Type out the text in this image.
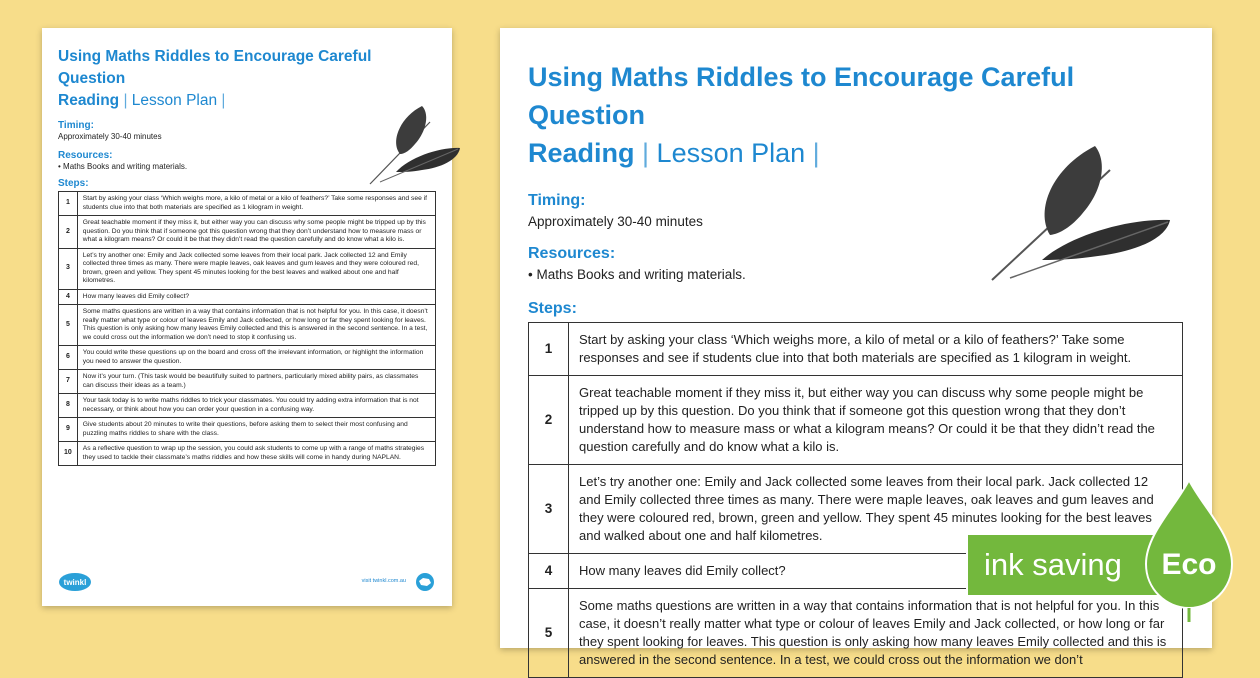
Using Maths Riddles to Encourage Careful Question
Reading | Lesson Plan |
Timing:
Approximately 30-40 minutes
Resources:
• Maths Books and writing materials.
Steps:
1	Start by asking your class ‘Which weighs more, a kilo of metal or a kilo of feathers?’ Take some responses and see if students clue into that both materials are specified as 1 kilogram in weight.
2	Great teachable moment if they miss it, but either way you can discuss why some people might be tripped up by this question. Do you think that if someone got this question wrong that they don’t understand how to measure mass or what a kilogram means? Or could it be that they didn’t read the question carefully and do know what a kilo is.
3	Let’s try another one: Emily and Jack collected some leaves from their local park. Jack collected 12 and Emily collected three times as many. There were maple leaves, oak leaves and gum leaves and they were coloured red, brown, green and yellow. They spent 45 minutes looking for the best leaves and walked about one and half kilometres.
4	How many leaves did Emily collect?
5	Some maths questions are written in a way that contains information that is not helpful for you. In this case, it doesn’t really matter what type or colour of leaves Emily and Jack collected, or how long or far they spent looking for leaves. This question is only asking how many leaves Emily collected and this is answered in the second sentence. In a test, we could cross out the information we don’t need to stop it confusing us.
6	You could write these questions up on the board and cross off the irrelevant information, or highlight the information you need to answer the question.
7	Now it’s your turn. (This task would be beautifully suited to partners, particularly mixed ability pairs, as classmates can discuss their ideas as a team.)
8	Your task today is to write maths riddles to trick your classmates. You could try adding extra information that is not necessary, or think about how you can order your question in a confusing way.
9	Give students about 20 minutes to write their questions, before asking them to select their most confusing and puzzling maths riddles to share with the class.
10	As a reflective question to wrap up the session, you could ask students to come up with a range of maths strategies they used to tackle their classmate’s maths riddles and how these skills will come in handy during NAPLAN.
twinkl	visit twinkl.com.au
Using Maths Riddles to Encourage Careful Question
Reading | Lesson Plan |
Timing:
Approximately 30-40 minutes
Resources:
• Maths Books and writing materials.
Steps:
1	Start by asking your class ‘Which weighs more, a kilo of metal or a kilo of feathers?’ Take some responses and see if students clue into that both materials are specified as 1 kilogram in weight.
2	Great teachable moment if they miss it, but either way you can discuss why some people might be tripped up by this question. Do you think that if someone got this question wrong that they don’t understand how to measure mass or what a kilogram means? Or could it be that they didn’t read the question carefully and do know what a kilo is.
3	Let’s try another one: Emily and Jack collected some leaves from their local park. Jack collected 12 and Emily collected three times as many. There were maple leaves, oak leaves and gum leaves and they were coloured red, brown, green and yellow. They spent 45 minutes looking for the best leaves and walked about one and half kilometres.
4	How many leaves did Emily collect?
5	Some maths questions are written in a way that contains information that is not helpful for you. In this case, it doesn’t really matter what type or colour of leaves Emily and Jack collected, or how long or far they spent looking for leaves. This question is only asking how many leaves Emily collected and this is answered in the second sentence. In a test, we could cross out the information we don’t
ink saving	Eco
